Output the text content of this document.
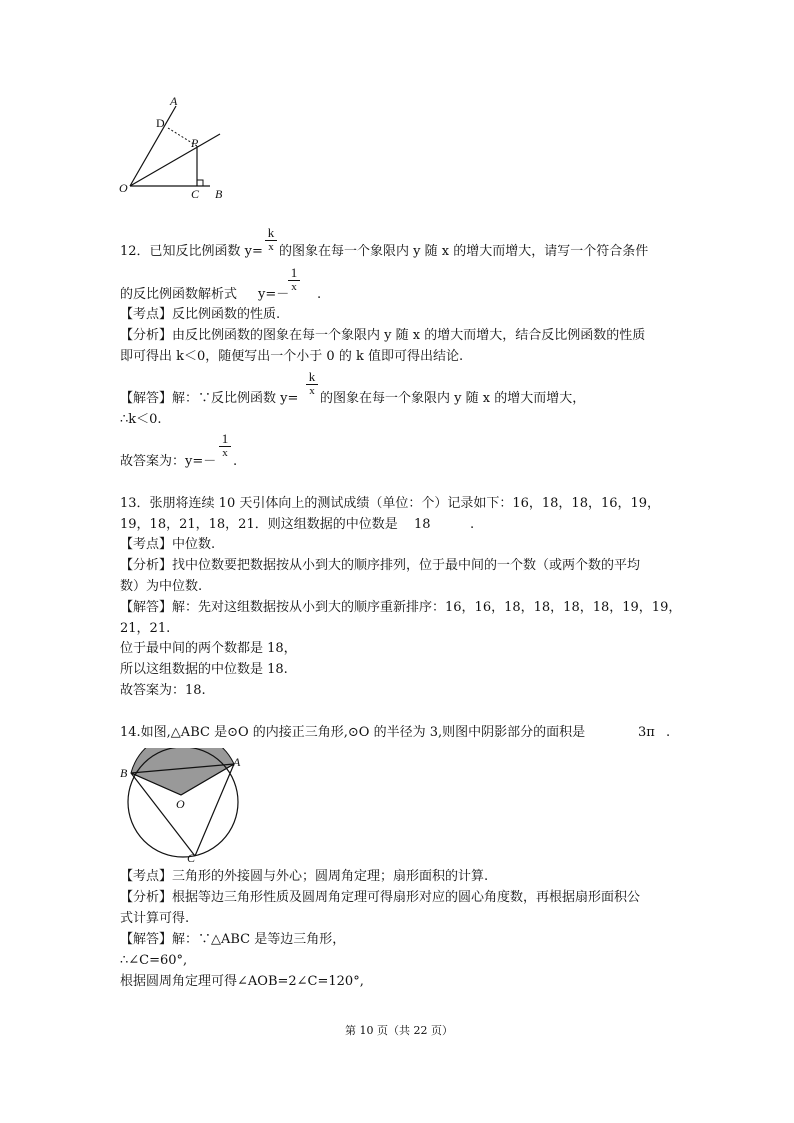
A
D
P
O	C B
k
x
12．已知反比例函数 y= 的图象在每一个象限内 y 随 x 的增大而增大，请写一个符合条件
的反比例函数解析式 y=－
1
x	.
【考点】反比例函数的性质.
【分析】由反比例函数的图象在每一个象限内 y 随 x 的增大而增大，结合反比例函数的性质
即可得出 k＜0，随便写出一个小于 0 的 k 值即可得出结论.
【解答】解：∵反比例函数 y=
k
x 的图象在每一个象限内 y 随 x 的增大而增大，
∴k＜0.
故答案为：y=－
1
x
.
13．张朋将连续 10 天引体向上的测试成绩（单位：个）记录如下：16，18，18，16，19，
19，18，21，18，21．则这组数据的中位数是 18	.
【考点】中位数.
【分析】找中位数要把数据按从小到大的顺序排列，位于最中间的一个数（或两个数的平均
数）为中位数.
【解答】解：先对这组数据按从小到大的顺序重新排序：16，16，18，18，18，18，19，19，
21，21.
位于最中间的两个数都是 18，
所以这组数据的中位数是 18.
故答案为：18.
14.如图,△ABC 是⊙O 的内接正三角形,⊙O 的半径为 3,则图中阴影部分的面积是	3π .
B
A
O
C
【考点】三角形的外接圆与外心；圆周角定理；扇形面积的计算.
【分析】根据等边三角形性质及圆周角定理可得扇形对应的圆心角度数，再根据扇形面积公
式计算可得.
【解答】解：∵△ABC 是等边三角形，
∴∠C=60°,
根据圆周角定理可得∠AOB=2∠C=120°,
第 10 页（共 22 页）
